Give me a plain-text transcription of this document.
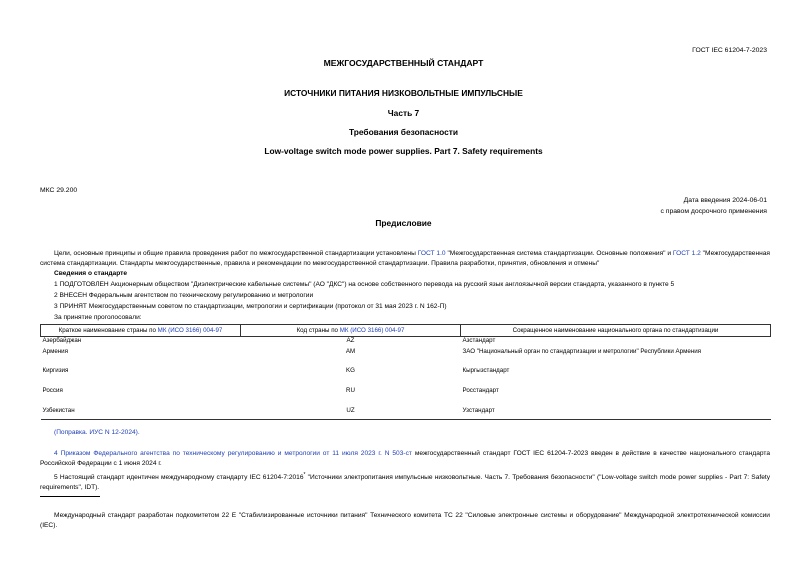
ГОСТ IEC 61204-7-2023
МЕЖГОСУДАРСТВЕННЫЙ СТАНДАРТ
ИСТОЧНИКИ ПИТАНИЯ НИЗКОВОЛЬТНЫЕ ИМПУЛЬСНЫЕ
Часть 7
Требования безопасности
Low-voltage switch mode power supplies. Part 7. Safety requirements
МКС 29.200
Дата введения 2024-06-01
с правом досрочного применения
Предисловие
Цели, основные принципы и общие правила проведения работ по межгосударственной стандартизации установлены ГОСТ 1.0 "Межгосударственная система стандартизации. Основные положения" и ГОСТ 1.2 "Межгосударственная система стандартизации. Стандарты межгосударственные, правила и рекомендации по межгосударственной стандартизации. Правила разработки, принятия, обновления и отмены"
Сведения о стандарте
1 ПОДГОТОВЛЕН Акционерным обществом "Диэлектрические кабельные системы" (АО "ДКС") на основе собственного перевода на русский язык англоязычной версии стандарта, указанного в пункте 5
2 ВНЕСЕН Федеральным агентством по техническому регулированию и метрологии
3 ПРИНЯТ Межгосударственным советом по стандартизации, метрологии и сертификации (протокол от 31 мая 2023 г. N 162-П)
За принятие проголосовали:
Краткое наименование страны по МК (ИСО 3166) 004-97	Код страны по МК (ИСО 3166) 004-97	Сокращенное наименование национального органа по стандартизации
Азербайджан	AZ	Азстандарт
Армения	AM	ЗАО "Национальный орган по стандартизации и метрологии" Республики Армения
Киргизия	KG	Кыргызстандарт
Россия	RU	Росстандарт
Узбекистан	UZ	Узстандарт
(Поправка. ИУС N 12-2024).
4 Приказом Федерального агентства по техническому регулированию и метрологии от 11 июля 2023 г. N 503-ст межгосударственный стандарт ГОСТ IEC 61204-7-2023 введен в действие в качестве национального стандарта Российской Федерации с 1 июня 2024 г.
5 Настоящий стандарт идентичен международному стандарту IEC 61204-7:2016* "Источники электропитания импульсные низковольтные. Часть 7. Требования безопасности" ("Low-voltage switch mode power supplies - Part 7: Safety requirements", IDT).
Международный стандарт разработан подкомитетом 22 Е "Стабилизированные источники питания" Технического комитета ТС 22 "Силовые электронные системы и оборудование" Международной электротехнической комиссии (IEC).
